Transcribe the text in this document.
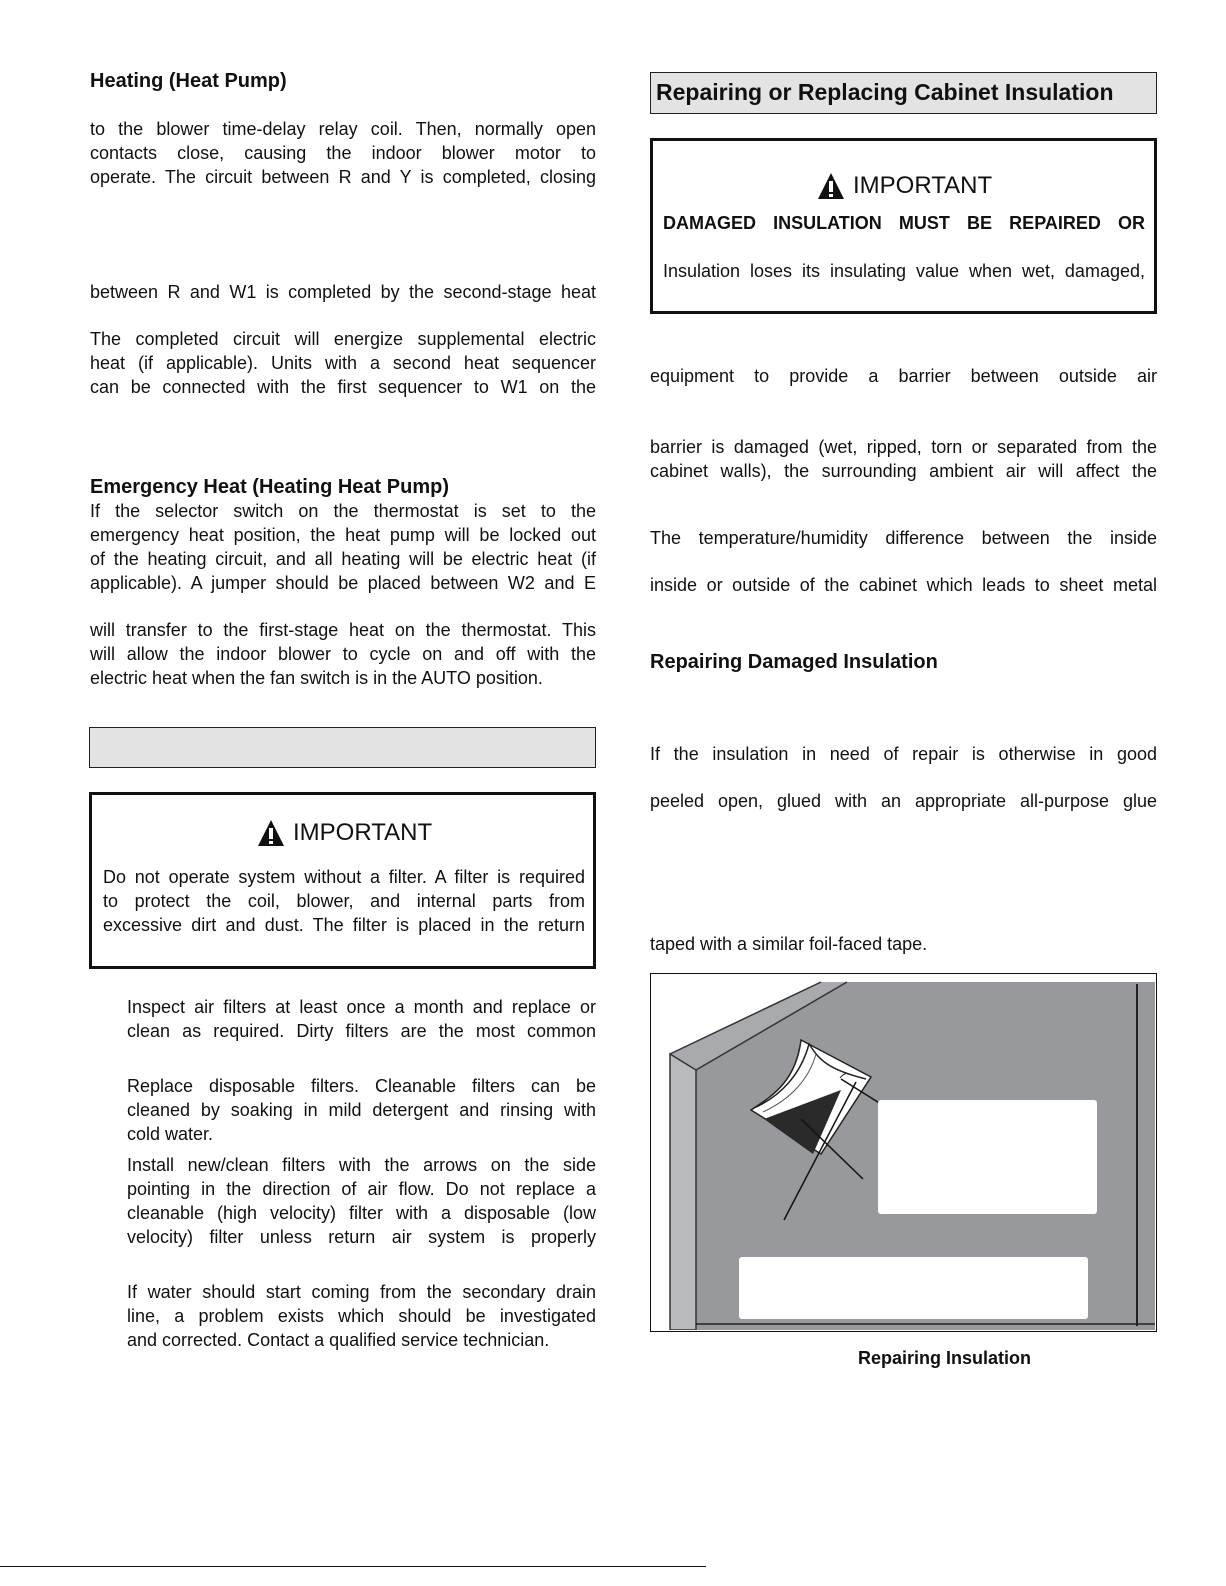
Heating (Heat Pump)
to the blower time-delay relay coil. Then, normally open
contacts close, causing the indoor blower motor to
operate. The circuit between R and Y is completed, closing
between R and W1 is completed by the second-stage heat
The completed circuit will energize supplemental electric
heat (if applicable). Units with a second heat sequencer
can be connected with the first sequencer to W1 on the
Emergency Heat (Heating Heat Pump)
If the selector switch on the thermostat is set to the
emergency heat position, the heat pump will be locked out
of the heating circuit, and all heating will be electric heat (if
applicable). A jumper should be placed between W2 and E
will transfer to the first-stage heat on the thermostat. This
will allow the indoor blower to cycle on and off with the
electric heat when the fan switch is in the AUTO position.
IMPORTANT
Do not operate system without a filter. A filter is required
to protect the coil, blower, and internal parts from
excessive dirt and dust. The filter is placed in the return
Inspect air filters at least once a month and replace or
clean as required. Dirty filters are the most common
Replace disposable filters. Cleanable filters can be
cleaned by soaking in mild detergent and rinsing with
cold water.
Install new/clean filters with the arrows on the side
pointing in the direction of air flow. Do not replace a
cleanable (high velocity) filter with a disposable (low
velocity) filter unless return air system is properly
If water should start coming from the secondary drain
line, a problem exists which should be investigated
and corrected. Contact a qualified service technician.
Repairing or Replacing Cabinet Insulation
IMPORTANT
DAMAGED INSULATION MUST BE REPAIRED OR
Insulation loses its insulating value when wet, damaged,
equipment to provide a barrier between outside air
barrier is damaged (wet, ripped, torn or separated from the
cabinet walls), the surrounding ambient air will affect the
The temperature/humidity difference between the inside
inside or outside of the cabinet which leads to sheet metal
Repairing Damaged Insulation
If the insulation in need of repair is otherwise in good
peeled open, glued with an appropriate all-purpose glue
taped with a similar foil-faced tape.
Repairing Insulation
